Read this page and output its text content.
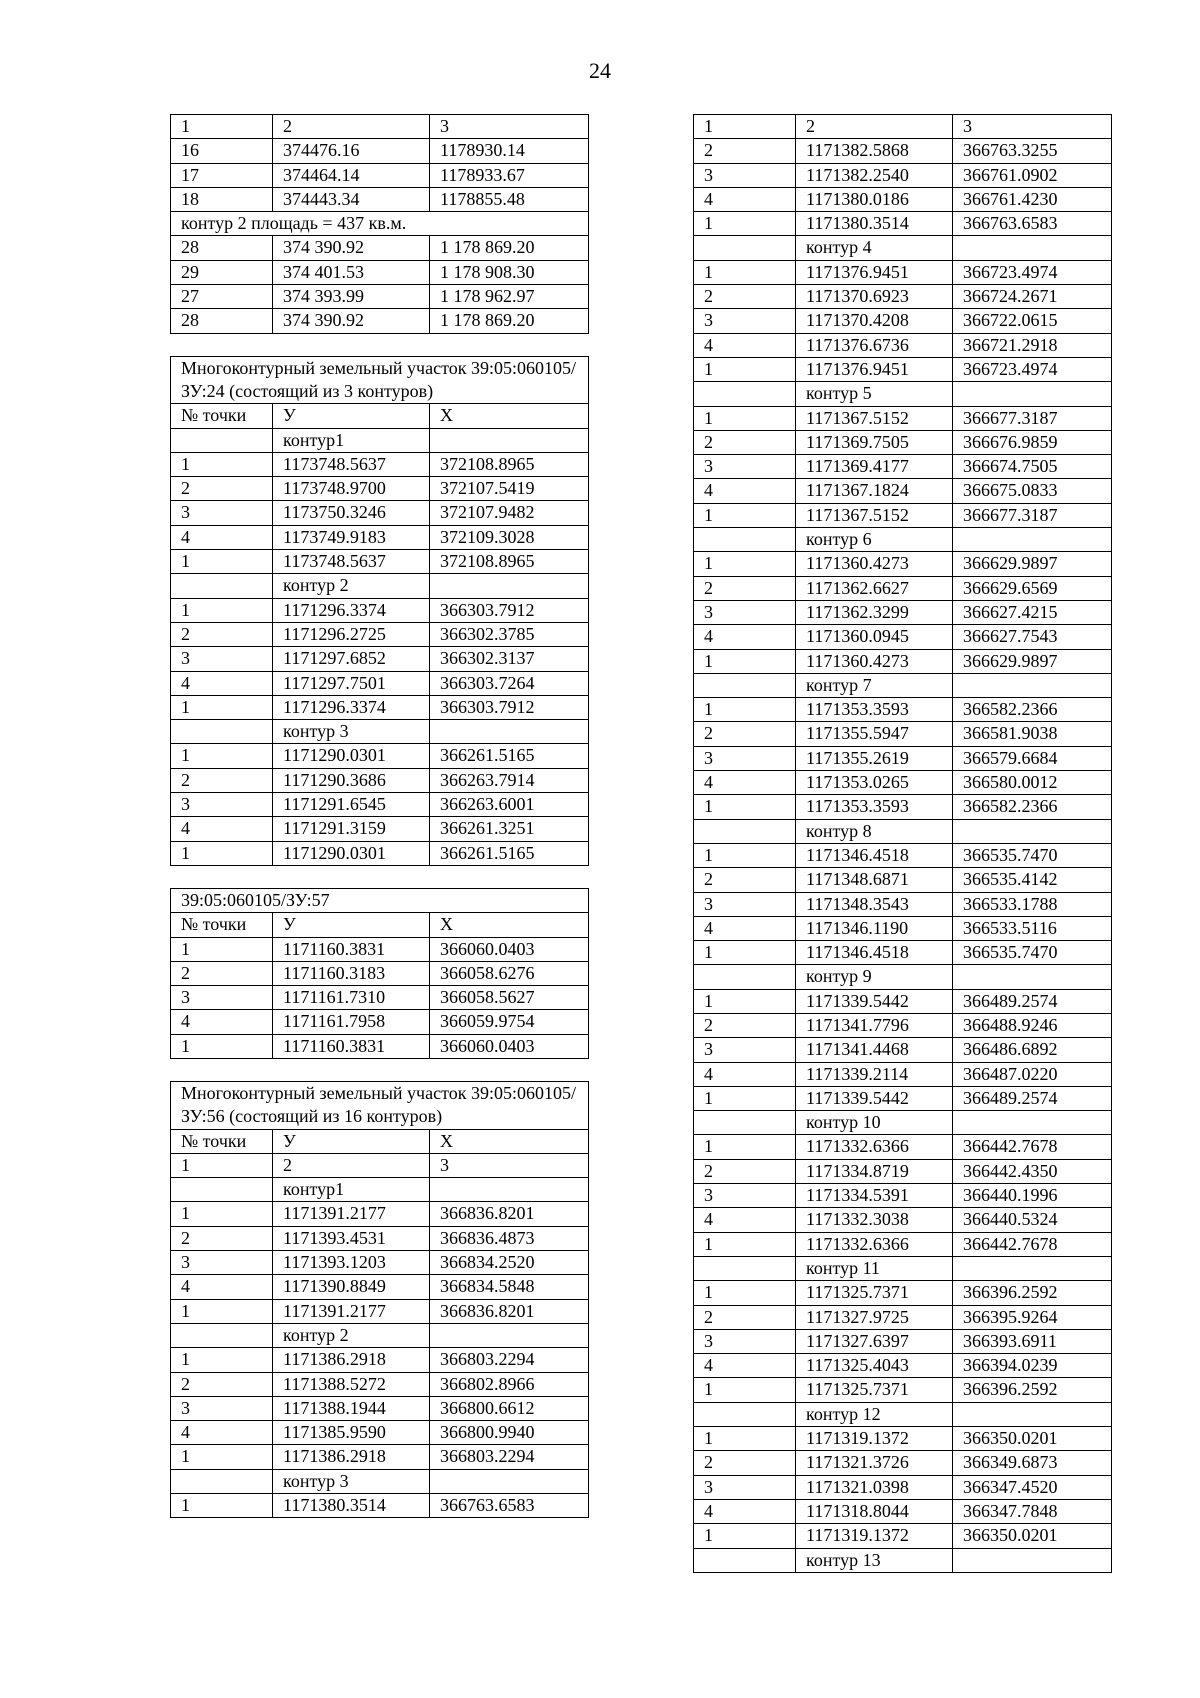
24
1	2	3
16	374476.16	1178930.14
17	374464.14	1178933.67
18	374443.34	1178855.48
контур 2 площадь = 437 кв.м.		
28	374 390.92	1 178 869.20
29	374 401.53	1 178 908.30
27	374 393.99	1 178 962.97
28	374 390.92	1 178 869.20
Многоконтурный земельный участок 39:05:060105/ЗУ:24 (состоящий из 3 контуров)		
№ точки	У	Х
	контур1	
1	1173748.5637	372108.8965
2	1173748.9700	372107.5419
3	1173750.3246	372107.9482
4	1173749.9183	372109.3028
1	1173748.5637	372108.8965
	контур 2	
1	1171296.3374	366303.7912
2	1171296.2725	366302.3785
3	1171297.6852	366302.3137
4	1171297.7501	366303.7264
1	1171296.3374	366303.7912
	контур 3	
1	1171290.0301	366261.5165
2	1171290.3686	366263.7914
3	1171291.6545	366263.6001
4	1171291.3159	366261.3251
1	1171290.0301	366261.5165
39:05:060105/ЗУ:57		
№ точки	У	Х
1	1171160.3831	366060.0403
2	1171160.3183	366058.6276
3	1171161.7310	366058.5627
4	1171161.7958	366059.9754
1	1171160.3831	366060.0403
Многоконтурный земельный участок 39:05:060105/ЗУ:56 (состоящий из 16 контуров)		
№ точки	У	Х
1	2	3
	контур1	
1	1171391.2177	366836.8201
2	1171393.4531	366836.4873
3	1171393.1203	366834.2520
4	1171390.8849	366834.5848
1	1171391.2177	366836.8201
	контур 2	
1	1171386.2918	366803.2294
2	1171388.5272	366802.8966
3	1171388.1944	366800.6612
4	1171385.9590	366800.9940
1	1171386.2918	366803.2294
	контур 3	
1	1171380.3514	366763.6583
1	2	3
2	1171382.5868	366763.3255
3	1171382.2540	366761.0902
4	1171380.0186	366761.4230
1	1171380.3514	366763.6583
	контур 4	
1	1171376.9451	366723.4974
2	1171370.6923	366724.2671
3	1171370.4208	366722.0615
4	1171376.6736	366721.2918
1	1171376.9451	366723.4974
	контур 5	
1	1171367.5152	366677.3187
2	1171369.7505	366676.9859
3	1171369.4177	366674.7505
4	1171367.1824	366675.0833
1	1171367.5152	366677.3187
	контур 6	
1	1171360.4273	366629.9897
2	1171362.6627	366629.6569
3	1171362.3299	366627.4215
4	1171360.0945	366627.7543
1	1171360.4273	366629.9897
	контур 7	
1	1171353.3593	366582.2366
2	1171355.5947	366581.9038
3	1171355.2619	366579.6684
4	1171353.0265	366580.0012
1	1171353.3593	366582.2366
	контур 8	
1	1171346.4518	366535.7470
2	1171348.6871	366535.4142
3	1171348.3543	366533.1788
4	1171346.1190	366533.5116
1	1171346.4518	366535.7470
	контур 9	
1	1171339.5442	366489.2574
2	1171341.7796	366488.9246
3	1171341.4468	366486.6892
4	1171339.2114	366487.0220
1	1171339.5442	366489.2574
	контур 10	
1	1171332.6366	366442.7678
2	1171334.8719	366442.4350
3	1171334.5391	366440.1996
4	1171332.3038	366440.5324
1	1171332.6366	366442.7678
	контур 11	
1	1171325.7371	366396.2592
2	1171327.9725	366395.9264
3	1171327.6397	366393.6911
4	1171325.4043	366394.0239
1	1171325.7371	366396.2592
	контур 12	
1	1171319.1372	366350.0201
2	1171321.3726	366349.6873
3	1171321.0398	366347.4520
4	1171318.8044	366347.7848
1	1171319.1372	366350.0201
	контур 13	
